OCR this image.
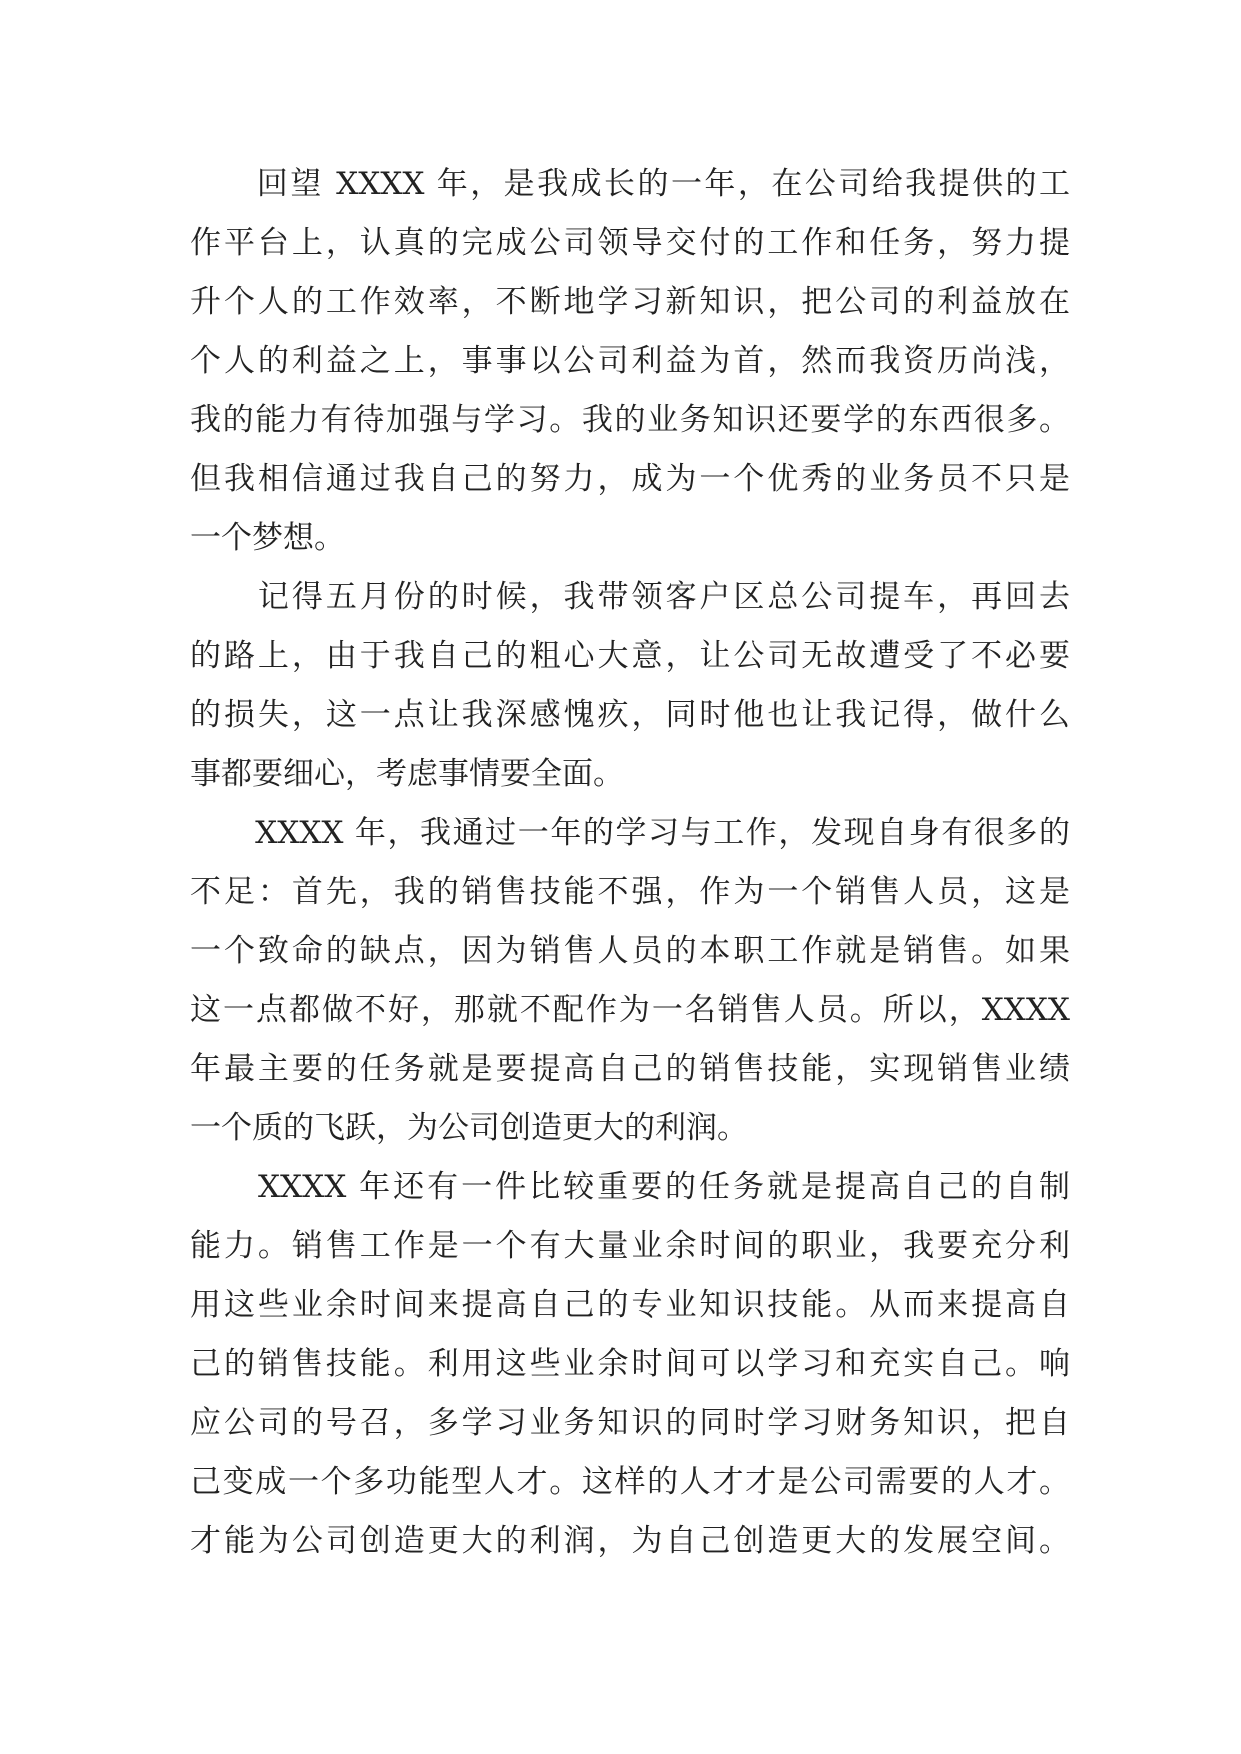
　　回望 XXXX 年，是我成长的一年，在公司给我提供的工
作平台上，认真的完成公司领导交付的工作和任务，努力提
升个人的工作效率，不断地学习新知识，把公司的利益放在
个人的利益之上，事事以公司利益为首，然而我资历尚浅，
我的能力有待加强与学习。我的业务知识还要学的东西很多。
但我相信通过我自己的努力，成为一个优秀的业务员不只是
一个梦想。
　　记得五月份的时候，我带领客户区总公司提车，再回去
的路上，由于我自己的粗心大意，让公司无故遭受了不必要
的损失，这一点让我深感愧疚，同时他也让我记得，做什么
事都要细心，考虑事情要全面。
　　XXXX 年，我通过一年的学习与工作，发现自身有很多的
不足：首先，我的销售技能不强，作为一个销售人员，这是
一个致命的缺点，因为销售人员的本职工作就是销售。如果
这一点都做不好，那就不配作为一名销售人员。所以，XXXX
年最主要的任务就是要提高自己的销售技能，实现销售业绩
一个质的飞跃，为公司创造更大的利润。
　　XXXX 年还有一件比较重要的任务就是提高自己的自制
能力。销售工作是一个有大量业余时间的职业，我要充分利
用这些业余时间来提高自己的专业知识技能。从而来提高自
己的销售技能。利用这些业余时间可以学习和充实自己。响
应公司的号召，多学习业务知识的同时学习财务知识，把自
己变成一个多功能型人才。这样的人才才是公司需要的人才。
才能为公司创造更大的利润，为自己创造更大的发展空间。
